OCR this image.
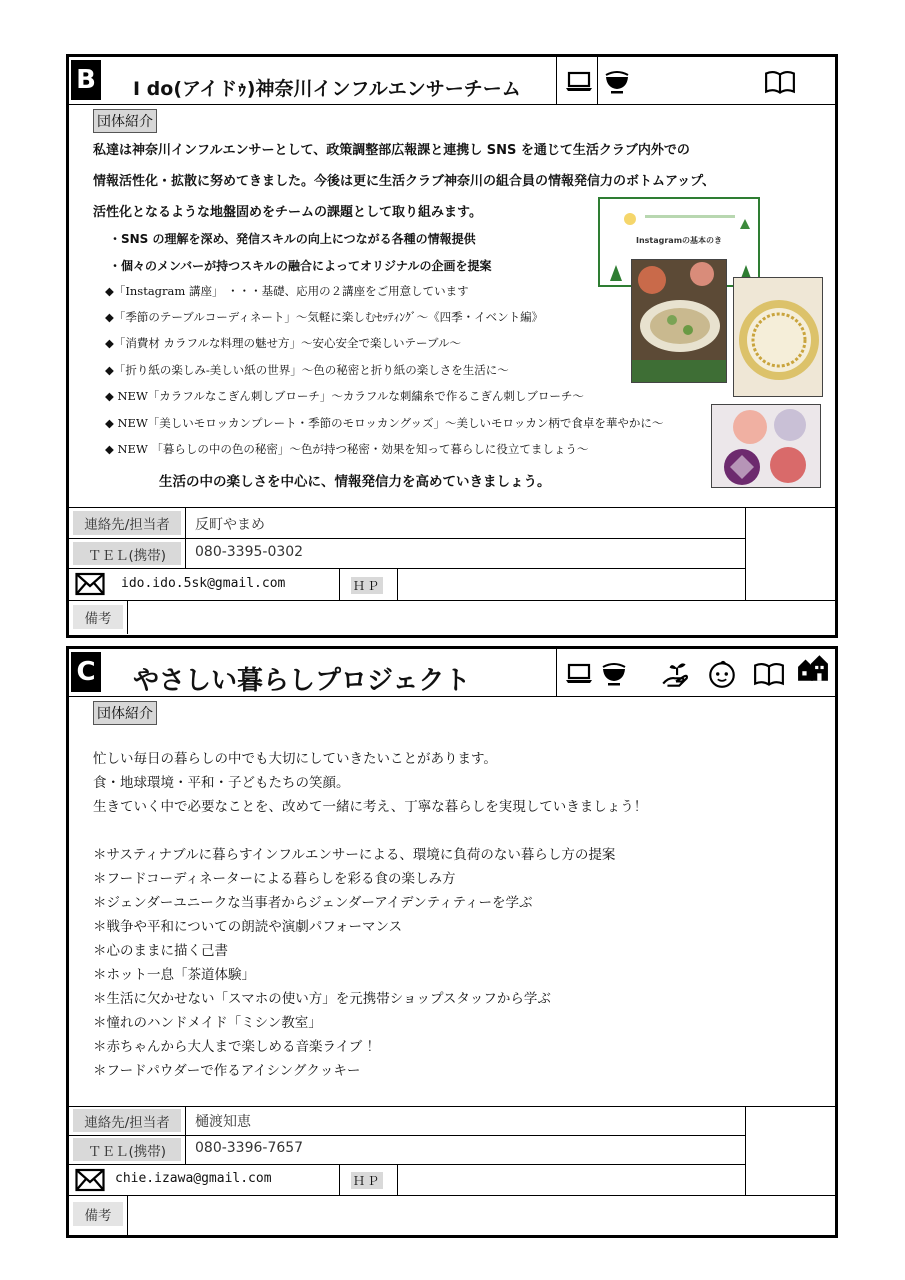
B I do(アイドｩ)神奈川インフルエンサーチーム
団体紹介
私達は神奈川インフルエンサーとして、政策調整部広報課と連携し SNS を通じて生活クラブ内外での
情報活性化・拡散に努めてきました。今後は更に生活クラブ神奈川の組合員の情報発信力のボトムアップ、
活性化となるような地盤固めをチームの課題として取り組みます。
・SNS の理解を深め、発信スキルの向上につながる各種の情報提供
・個々のメンバーが持つスキルの融合によってオリジナルの企画を提案
◆「Instagram 講座」 ・・・基礎、応用の２講座をご用意しています
◆「季節のテーブルコーディネート」～気軽に楽しむｾｯﾃｨﾝｸﾞ～《四季・イベント編》
◆「消費材 カラフルな料理の魅せ方」～安心安全で楽しいテーブル～
◆「折り紙の楽しみ-美しい紙の世界」～色の秘密と折り紙の楽しさを生活に～
◆ NEW「カラフルなこぎん刺しブローチ」～カラフルな刺繍糸で作るこぎん刺しブローチ～
◆ NEW「美しいモロッカンプレート・季節のモロッカングッズ」～美しいモロッカン柄で食卓を華やかに～
◆ NEW 「暮らしの中の色の秘密」～色が持つ秘密・効果を知って暮らしに役立てましょう～
生活の中の楽しさを中心に、情報発信力を高めていきましょう。
Instagramの基本のき
連絡先/担当者	反町やまめ
ＴＥＬ(携帯)	080-3395-0302
ido.ido.5sk@gmail.com	ＨＰ
備考
C やさしい暮らしプロジェクト
団体紹介
忙しい毎日の暮らしの中でも大切にしていきたいことがあります。
食・地球環境・平和・子どもたちの笑顔。
生きていく中で必要なことを、改めて一緒に考え、丁寧な暮らしを実現していきましょう！
＊サスティナブルに暮らすインフルエンサーによる、環境に負荷のない暮らし方の提案
＊フードコーディネーターによる暮らしを彩る食の楽しみ方
＊ジェンダーユニークな当事者からジェンダーアイデンティティーを学ぶ
＊戦争や平和についての朗読や演劇パフォーマンス
＊心のままに描く己書
＊ホット一息「茶道体験」
＊生活に欠かせない「スマホの使い方」を元携帯ショップスタッフから学ぶ
＊憧れのハンドメイド「ミシン教室」
＊赤ちゃんから大人まで楽しめる音楽ライブ ！
＊フードパウダーで作るアイシングクッキー
連絡先/担当者	樋渡知恵
ＴＥＬ(携帯)	080-3396-7657
chie.izawa@gmail.com	ＨＰ
備考
